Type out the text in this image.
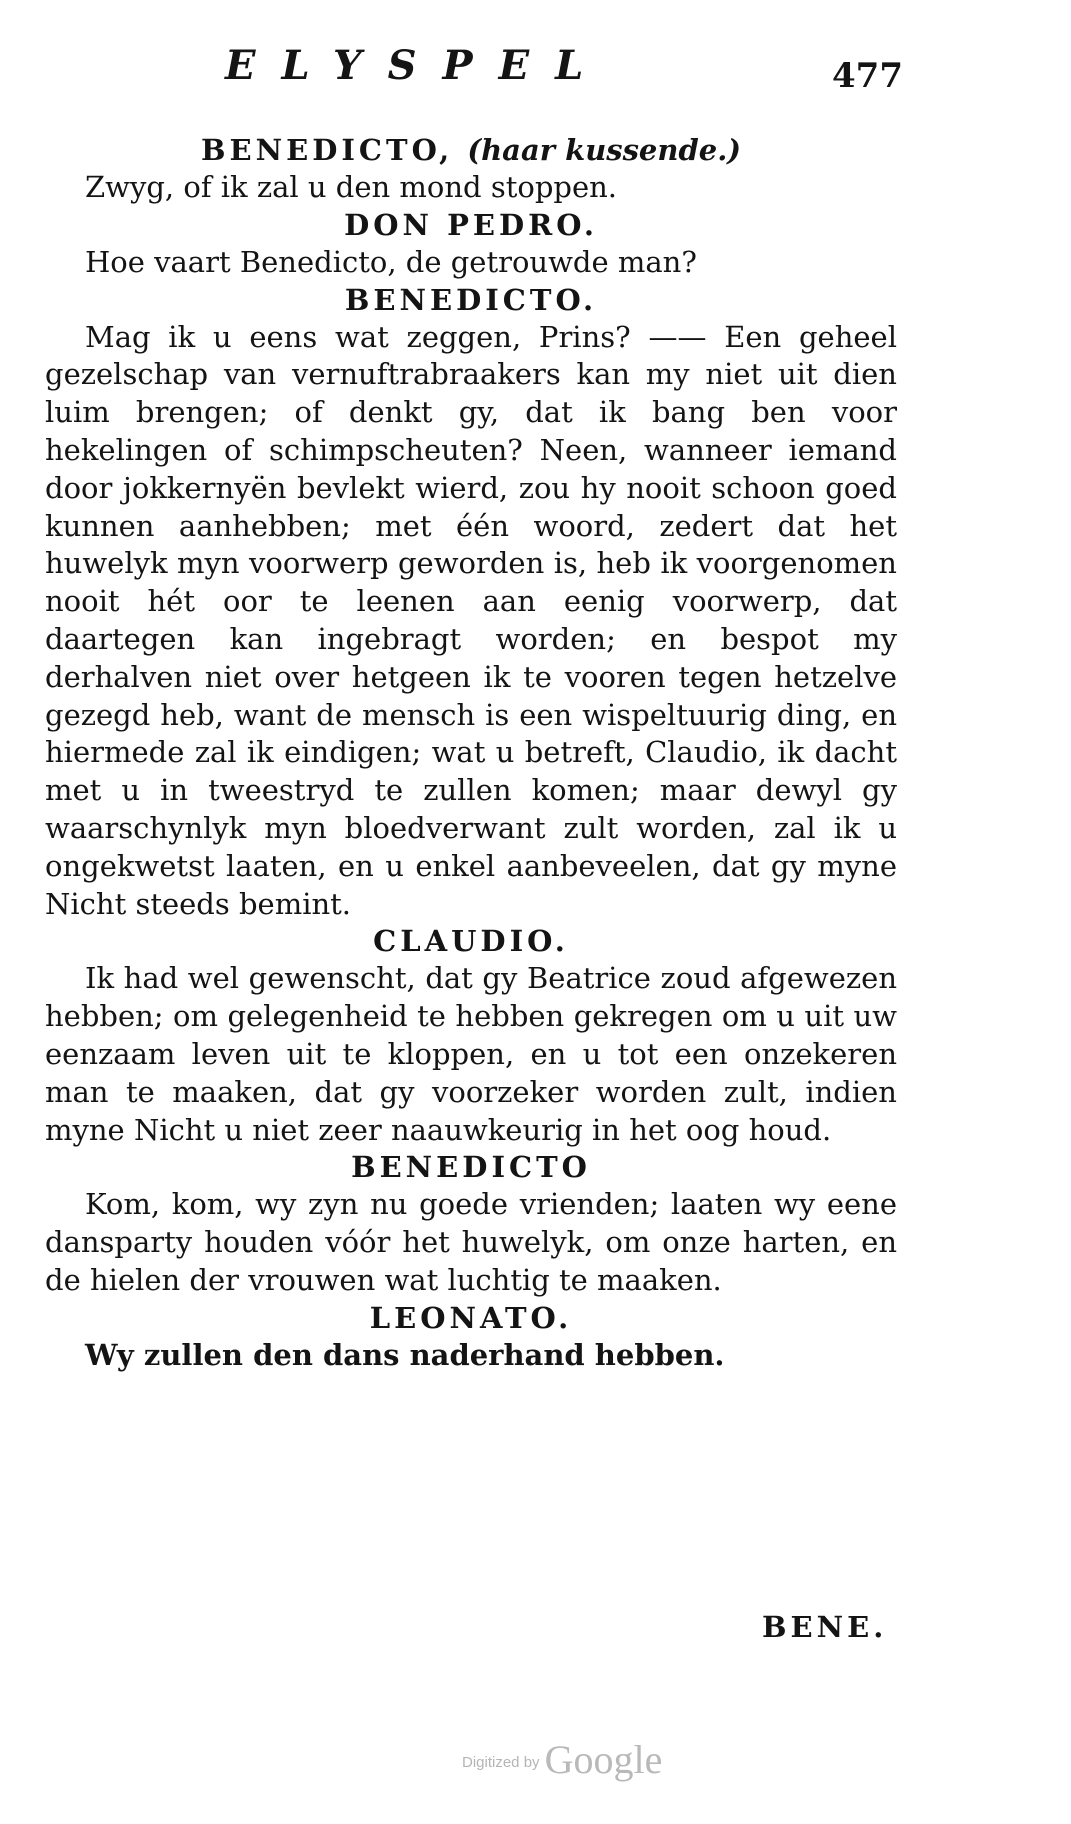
ELYSPEL	477
BENEDICTO, (haar kussende.)
Zwyg, of ik zal u den mond stoppen.
DON PEDRO.
Hoe vaart Benedicto, de getrouwde man?
BENEDICTO.
Mag ik u eens wat zeggen, Prins? —— Een geheel gezelschap van vernuftrabraakers kan my niet uit dien luim brengen; of denkt gy, dat ik bang ben voor hekelingen of schimpscheuten? Neen, wanneer iemand door jokkernyën bevlekt wierd, zou hy nooit schoon goed kunnen aanhebben; met één woord, zedert dat het huwelyk myn voorwerp geworden is, heb ik voorgenomen nooit hét oor te leenen aan eenig voorwerp, dat daartegen kan ingebragt worden; en bespot my derhalven niet over hetgeen ik te vooren tegen hetzelve gezegd heb, want de mensch is een wispeltuurig ding, en hiermede zal ik eindigen; wat u betreft, Claudio, ik dacht met u in tweestryd te zullen komen; maar dewyl gy waarschynlyk myn bloedverwant zult worden, zal ik u ongekwetst laaten, en u enkel aanbeveelen, dat gy myne Nicht steeds bemint.
CLAUDIO.
Ik had wel gewenscht, dat gy Beatrice zoud afgewezen hebben; om gelegenheid te hebben gekregen om u uit uw eenzaam leven uit te kloppen, en u tot een onzekeren man te maaken, dat gy voorzeker worden zult, indien myne Nicht u niet zeer naauwkeurig in het oog houd.
BENEDICTO
Kom, kom, wy zyn nu goede vrienden; laaten wy eene dansparty houden vóór het huwelyk, om onze harten, en de hielen der vrouwen wat luchtig te maaken.
LEONATO.
Wy zullen den dans naderhand hebben.
BENE.
Digitized by Google
